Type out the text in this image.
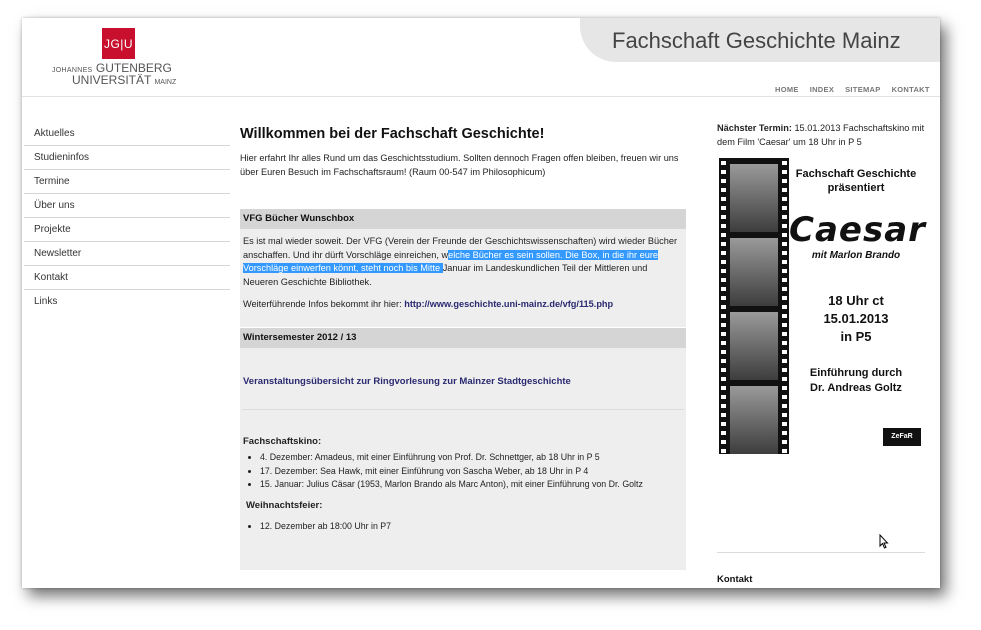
JG|U
JOHANNES GUTENBERG
UNIVERSITÄT MAINZ
Fachschaft Geschichte Mainz
HOME INDEX SITEMAP KONTAKT
Aktuelles
Studieninfos
Termine
Über uns
Projekte
Newsletter
Kontakt
Links
Willkommen bei der Fachschaft Geschichte!

Hier erfahrt Ihr alles Rund um das Geschichtsstudium. Sollten dennoch Fragen offen bleiben, freuen wir uns über Euren Besuch im Fachschaftsraum! (Raum 00-547 im Philosophicum)

VFG Bücher Wunschbox
Es ist mal wieder soweit. Der VFG (Verein der Freunde der Geschichtswissenschaften) wird wieder Bücher anschaffen. Und ihr dürft Vorschläge einreichen, welche Bücher es sein sollen. Die Box, in die ihr eure Vorschläge einwerfen könnt, steht noch bis Mitte Januar im Landeskundlichen Teil der Mittleren und Neueren Geschichte Bibliothek.
Weiterführende Infos bekommt ihr hier: http://www.geschichte.uni-mainz.de/vfg/115.php
Wintersemester 2012 / 13
Veranstaltungsübersicht zur Ringvorlesung zur Mainzer Stadtgeschichte
Fachschaftskino:
• 4. Dezember: Amadeus, mit einer Einführung von Prof. Dr. Schnettger, ab 18 Uhr in P 5
• 17. Dezember: Sea Hawk, mit einer Einführung von Sascha Weber, ab 18 Uhr in P 4
• 15. Januar: Julius Cäsar (1953, Marlon Brando als Marc Anton), mit einer Einführung von Dr. Goltz
Weihnachtsfeier:
• 12. Dezember ab 18:00 Uhr in P7
Nächster Termin: 15.01.2013 Fachschaftskino mit dem Film 'Caesar' um 18 Uhr in P 5
Fachschaft Geschichte
präsentiert
Caesar
mit Marlon Brando
18 Uhr ct
15.01.2013
in P5
Einführung durch
Dr. Andreas Goltz
ZeFaR
Kontakt
